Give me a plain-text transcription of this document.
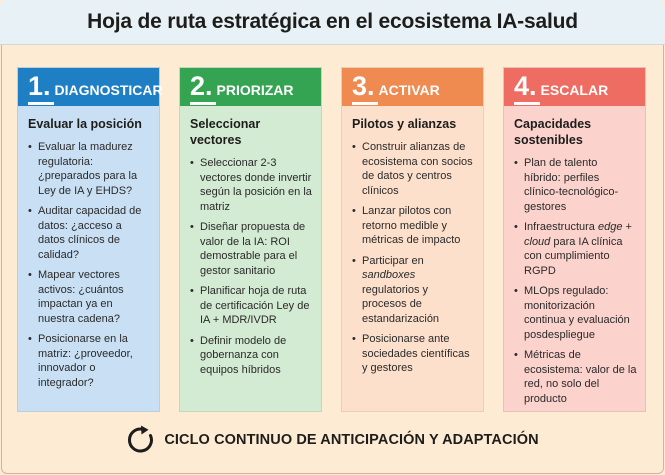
Hoja de ruta estratégica en el ecosistema IA-salud
1. DIAGNOSTICAR
Evaluar la posición
• Evaluar la madurez regulatoria: ¿preparados para la Ley de IA y EHDS?
• Auditar capacidad de datos: ¿acceso a datos clínicos de calidad?
• Mapear vectores activos: ¿cuántos impactan ya en nuestra cadena?
• Posicionarse en la matriz: ¿proveedor, innovador o integrador?
2. PRIORIZAR
Seleccionar vectores
• Seleccionar 2-3 vectores donde invertir según la posición en la matriz
• Diseñar propuesta de valor de la IA: ROI demostrable para el gestor sanitario
• Planificar hoja de ruta de certificación Ley de IA + MDR/IVDR
• Definir modelo de gobernanza con equipos híbridos
3. ACTIVAR
Pilotos y alianzas
• Construir alianzas de ecosistema con socios de datos y centros clínicos
• Lanzar pilotos con retorno medible y métricas de impacto
• Participar en sandboxes regulatorios y procesos de estandarización
• Posicionarse ante sociedades científicas y gestores
4. ESCALAR
Capacidades sostenibles
• Plan de talento híbrido: perfiles clínico-tecnológico-gestores
• Infraestructura edge + cloud para IA clínica con cumplimiento RGPD
• MLOps regulado: monitorización continua y evaluación posdespliegue
• Métricas de ecosistema: valor de la red, no solo del producto
CICLO CONTINUO DE ANTICIPACIÓN Y ADAPTACIÓN
